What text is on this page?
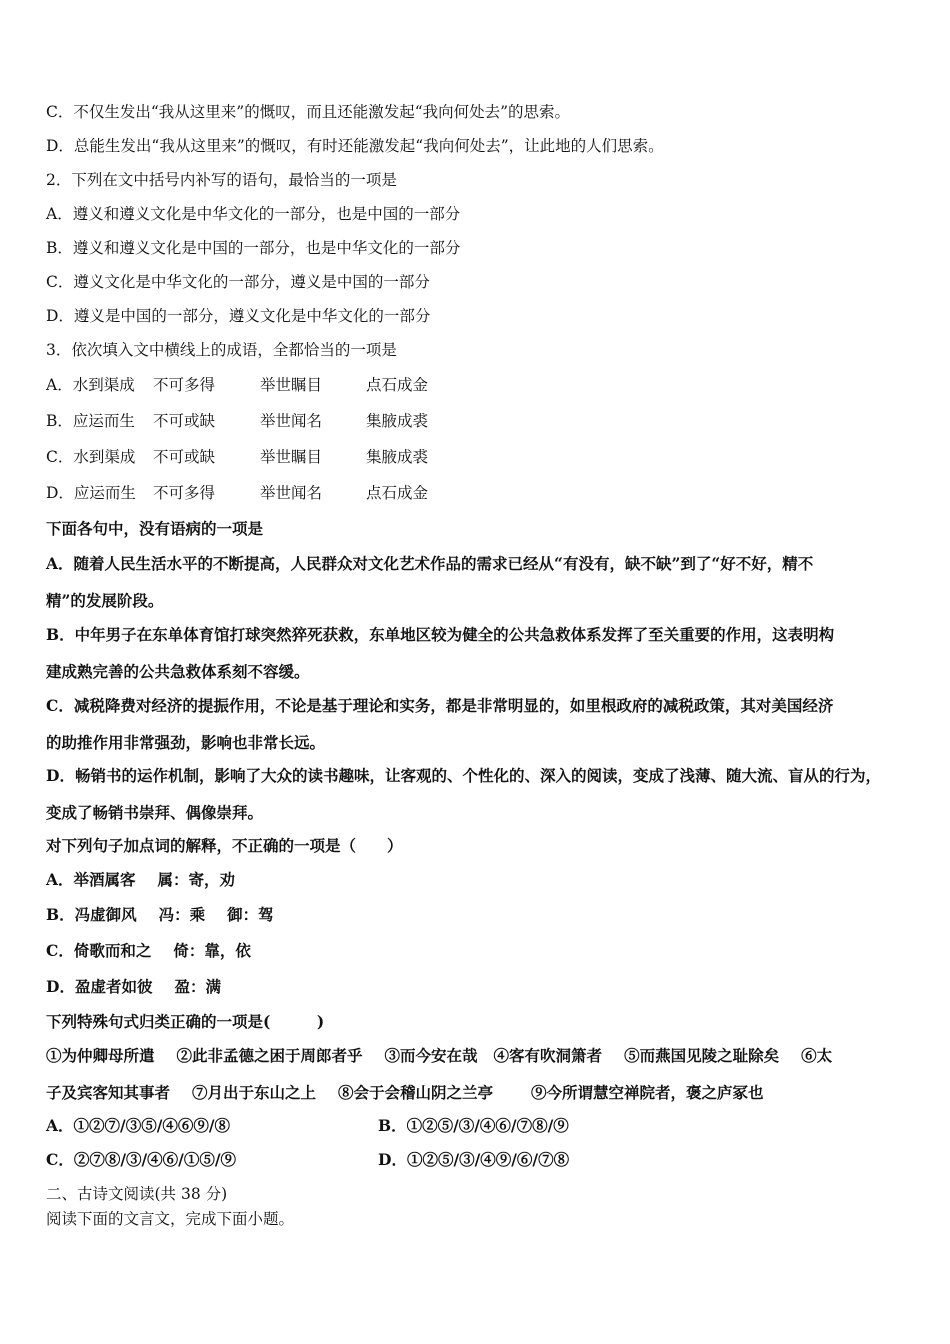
C．不仅生发出“我从这里来”的慨叹，而且还能激发起“我向何处去”的思索。
D．总能生发出“我从这里来”的慨叹，有时还能激发起“我向何处去”，让此地的人们思索。
2．下列在文中括号内补写的语句，最恰当的一项是
A．遵义和遵义文化是中华文化的一部分，也是中国的一部分
B．遵义和遵义文化是中国的一部分，也是中华文化的一部分
C．遵义文化是中华文化的一部分，遵义是中国的一部分
D．遵义是中国的一部分，遵义文化是中华文化的一部分
3．依次填入文中横线上的成语，全都恰当的一项是
A．水到渠成 不可多得	举世瞩目	点石成金
B．应运而生 不可或缺	举世闻名	集腋成裘
C．水到渠成 不可或缺	举世瞩目	集腋成裘
D．应运而生 不可多得	举世闻名	点石成金
下面各句中，没有语病的一项是
A．随着人民生活水平的不断提高，人民群众对文化艺术作品的需求已经从“有没有，缺不缺”到了“好不好，精不
精”的发展阶段。
B．中年男子在东单体育馆打球突然猝死获救，东单地区较为健全的公共急救体系发挥了至关重要的作用，这表明构
建成熟完善的公共急救体系刻不容缓。
C．减税降费对经济的提振作用，不论是基于理论和实务，都是非常明显的，如里根政府的减税政策，其对美国经济
的助推作用非常强劲，影响也非常长远。
D．畅销书的运作机制，影响了大众的读书趣味，让客观的、个性化的、深入的阅读，变成了浅薄、随大流、盲从的行为，
变成了畅销书崇拜、偶像崇拜。
对下列句子加点词的解释，不正确的一项是（　　）
A．举酒属客 属：寄，劝
B．冯虚御风 冯：乘 御：驾
C．倚歌而和之 倚：靠，依
D．盈虚者如彼 盈：满
下列特殊句式归类正确的一项是(　　　)
①为仲卿母所遣 ②此非孟德之困于周郎者乎 ③而今安在哉 ④客有吹洞箫者 ⑤而燕国见陵之耻除矣 ⑥太
子及宾客知其事者 ⑦月出于东山之上 ⑧会于会稽山阴之兰亭 ⑨今所谓慧空禅院者，褒之庐冢也
A．①②⑦/③⑤/④⑥⑨/⑧	B．①②⑤/③/④⑥/⑦⑧/⑨
C．②⑦⑧/③/④⑥/①⑤/⑨	D．①②⑤/③/④⑨/⑥/⑦⑧
二、古诗文阅读(共 38 分)
阅读下面的文言文，完成下面小题。
